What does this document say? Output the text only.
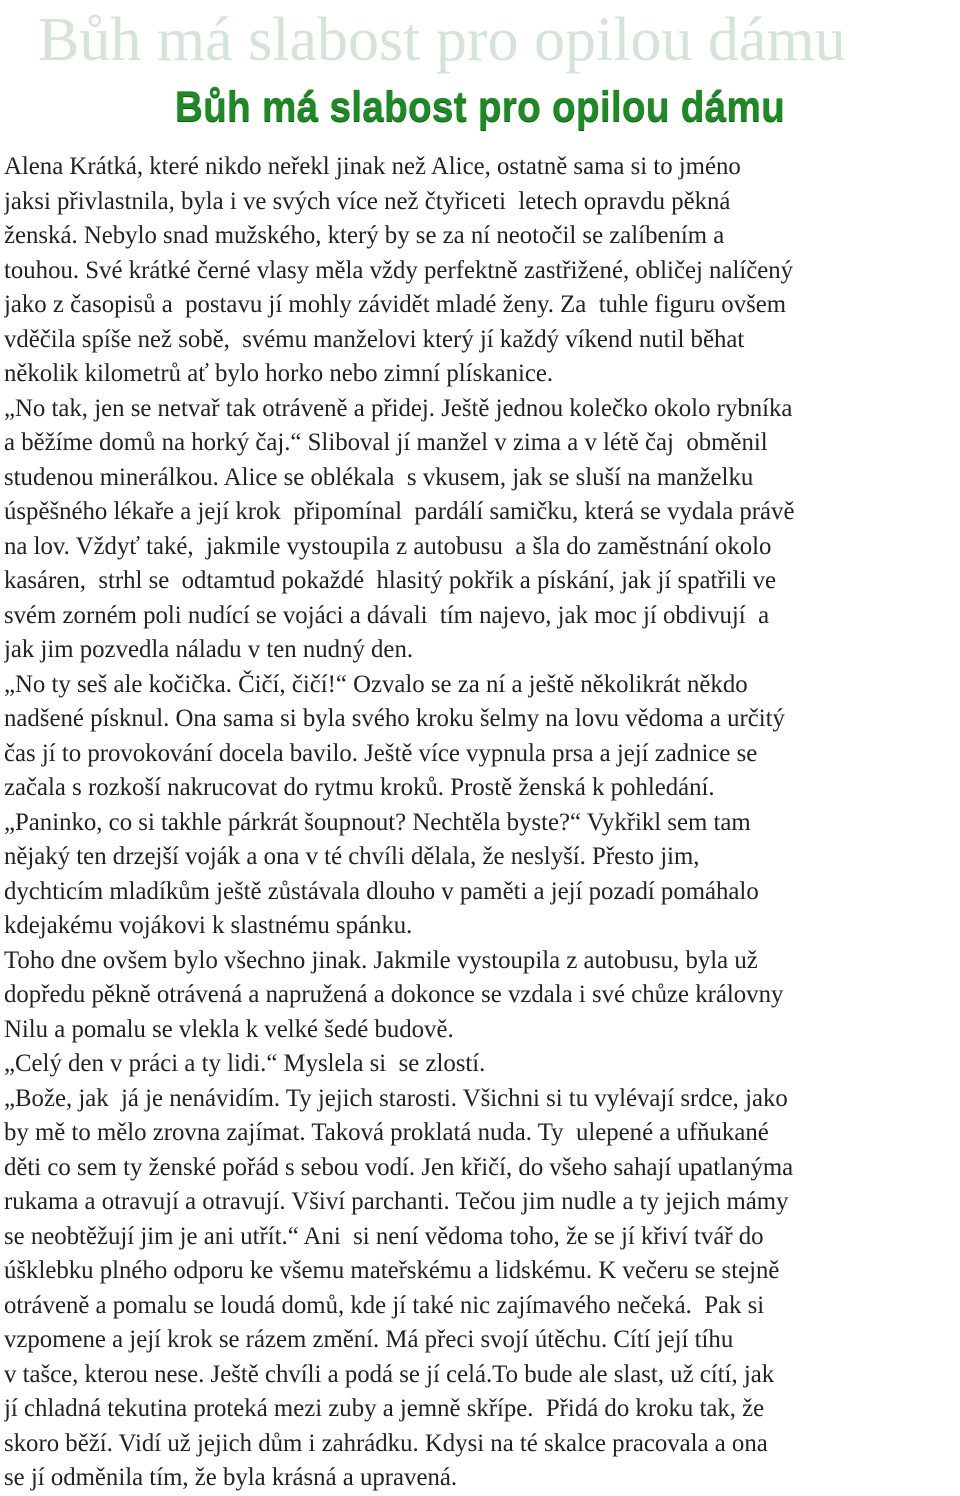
Bůh má slabost pro opilou dámu
Bůh má slabost pro opilou dámu
Alena Krátká, které nikdo neřekl jinak než Alice, ostatně sama si to jméno
jaksi přivlastnila, byla i ve svých více než čtyřiceti  letech opravdu pěkná
ženská. Nebylo snad mužského, který by se za ní neotočil se zalíbením a
touhou. Své krátké černé vlasy měla vždy perfektně zastřižené, obličej nalíčený
jako z časopisů a  postavu jí mohly závidět mladé ženy. Za  tuhle figuru ovšem
vděčila spíše než sobě,  svému manželovi který jí každý víkend nutil běhat
několik kilometrů ať bylo horko nebo zimní plískanice.
„No tak, jen se netvař tak otráveně a přidej. Ještě jednou kolečko okolo rybníka
a běžíme domů na horký čaj.“ Sliboval jí manžel v zima a v létě čaj  obměnil
studenou minerálkou. Alice se oblékala  s vkusem, jak se sluší na manželku
úspěšného lékaře a její krok  připomínal  pardálí samičku, která se vydala právě
na lov. Vždyť také,  jakmile vystoupila z autobusu  a šla do zaměstnání okolo
kasáren,  strhl se  odtamtud pokaždé  hlasitý pokřik a pískání, jak jí spatřili ve
svém zorném poli nudící se vojáci a dávali  tím najevo, jak moc jí obdivují  a
jak jim pozvedla náladu v ten nudný den.
„No ty seš ale kočička. Čičí, čičí!“ Ozvalo se za ní a ještě několikrát někdo
nadšené písknul. Ona sama si byla svého kroku šelmy na lovu vědoma a určitý
čas jí to provokování docela bavilo. Ještě více vypnula prsa a její zadnice se
začala s rozkoší nakrucovat do rytmu kroků. Prostě ženská k pohledání.
„Paninko, co si takhle párkrát šoupnout? Nechtěla byste?“ Vykřikl sem tam
nějaký ten drzejší voják a ona v té chvíli dělala, že neslyší. Přesto jim,
dychticím mladíkům ještě zůstávala dlouho v paměti a její pozadí pomáhalo
kdejakému vojákovi k slastnému spánku.
Toho dne ovšem bylo všechno jinak. Jakmile vystoupila z autobusu, byla už
dopředu pěkně otrávená a napružená a dokonce se vzdala i své chůze královny
Nilu a pomalu se vlekla k velké šedé budově.
„Celý den v práci a ty lidi.“ Myslela si  se zlostí.
„Bože, jak  já je nenávidím. Ty jejich starosti. Všichni si tu vylévají srdce, jako
by mě to mělo zrovna zajímat. Taková proklatá nuda. Ty  ulepené a ufňukané
děti co sem ty ženské pořád s sebou vodí. Jen křičí, do všeho sahají upatlanýma
rukama a otravují a otravují. Všiví parchanti. Tečou jim nudle a ty jejich mámy
se neobtěžují jim je ani utřít.“ Ani  si není vědoma toho, že se jí křiví tvář do
úšklebku plného odporu ke všemu mateřskému a lidskému. K večeru se stejně
otráveně a pomalu se loudá domů, kde jí také nic zajímavého nečeká.  Pak si
vzpomene a její krok se rázem změní. Má přeci svojí útěchu. Cítí její tíhu
v tašce, kterou nese. Ještě chvíli a podá se jí celá.To bude ale slast, už cítí, jak
jí chladná tekutina proteká mezi zuby a jemně skřípe.  Přidá do kroku tak, že
skoro běží. Vidí už jejich dům i zahrádku. Kdysi na té skalce pracovala a ona
se jí odměnila tím, že byla krásná a upravená.
